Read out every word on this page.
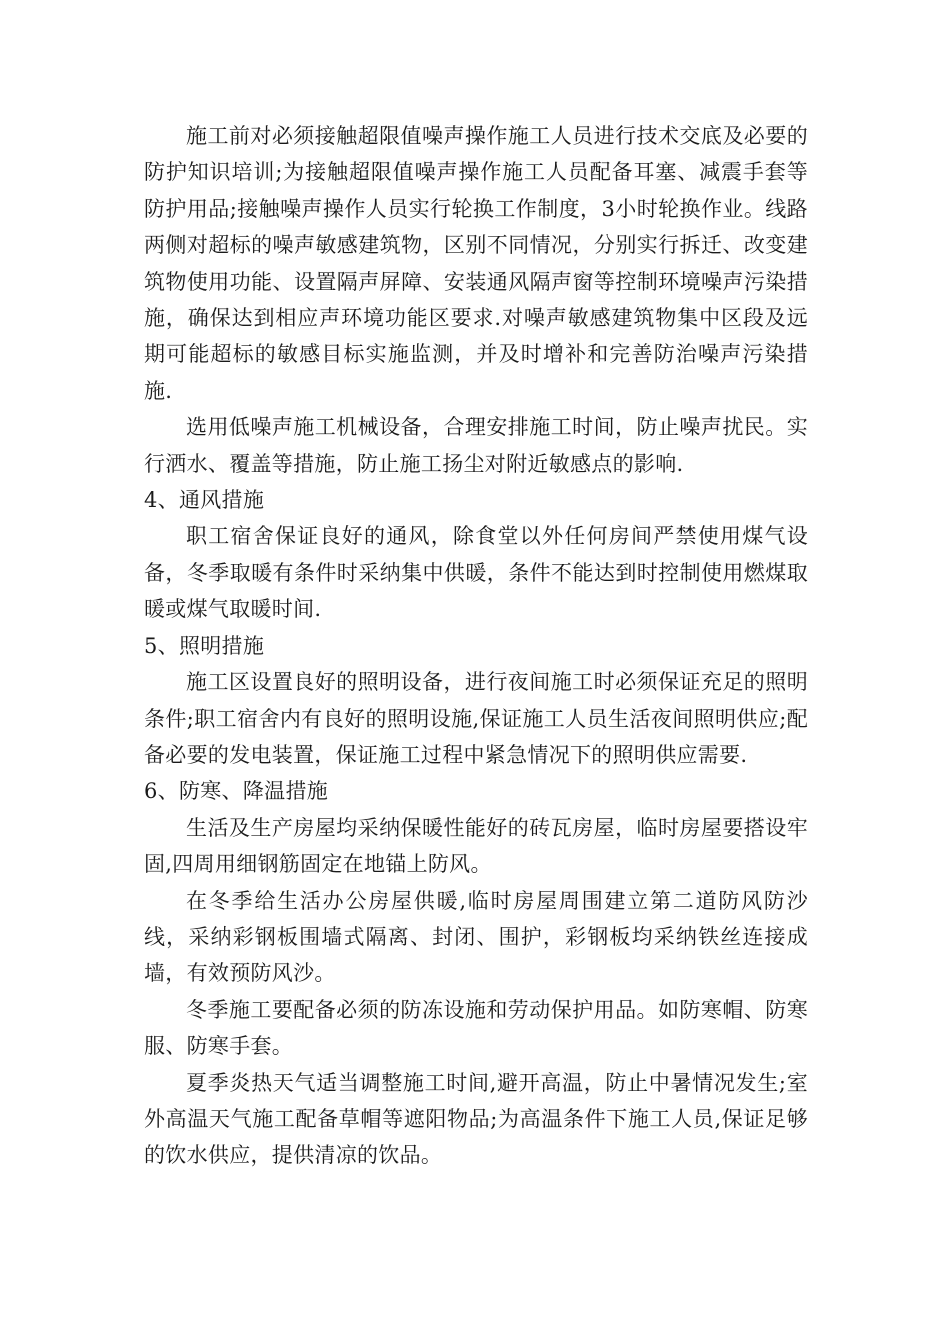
施工前对必须接触超限值噪声操作施工人员进行技术交底及必要的防护知识培训;为接触超限值噪声操作施工人员配备耳塞、减震手套等防护用品;接触噪声操作人员实行轮换工作制度，3小时轮换作业。线路两侧对超标的噪声敏感建筑物，区别不同情况，分别实行拆迁、改变建筑物使用功能、设置隔声屏障、安装通风隔声窗等控制环境噪声污染措施，确保达到相应声环境功能区要求.对噪声敏感建筑物集中区段及远期可能超标的敏感目标实施监测，并及时增补和完善防治噪声污染措施.

选用低噪声施工机械设备，合理安排施工时间，防止噪声扰民。实行洒水、覆盖等措施，防止施工扬尘对附近敏感点的影响.

4、通风措施

职工宿舍保证良好的通风，除食堂以外任何房间严禁使用煤气设备，冬季取暖有条件时采纳集中供暖，条件不能达到时控制使用燃煤取暖或煤气取暖时间.

5、照明措施

施工区设置良好的照明设备，进行夜间施工时必须保证充足的照明条件;职工宿舍内有良好的照明设施,保证施工人员生活夜间照明供应;配备必要的发电装置，保证施工过程中紧急情况下的照明供应需要.

6、防寒、降温措施

生活及生产房屋均采纳保暖性能好的砖瓦房屋，临时房屋要搭设牢固,四周用细钢筋固定在地锚上防风。

在冬季给生活办公房屋供暖,临时房屋周围建立第二道防风防沙线，采纳彩钢板围墙式隔离、封闭、围护，彩钢板均采纳铁丝连接成墙，有效预防风沙。

冬季施工要配备必须的防冻设施和劳动保护用品。如防寒帽、防寒服、防寒手套。

夏季炎热天气适当调整施工时间,避开高温，防止中暑情况发生;室外高温天气施工配备草帽等遮阳物品;为高温条件下施工人员,保证足够的饮水供应，提供清凉的饮品。
